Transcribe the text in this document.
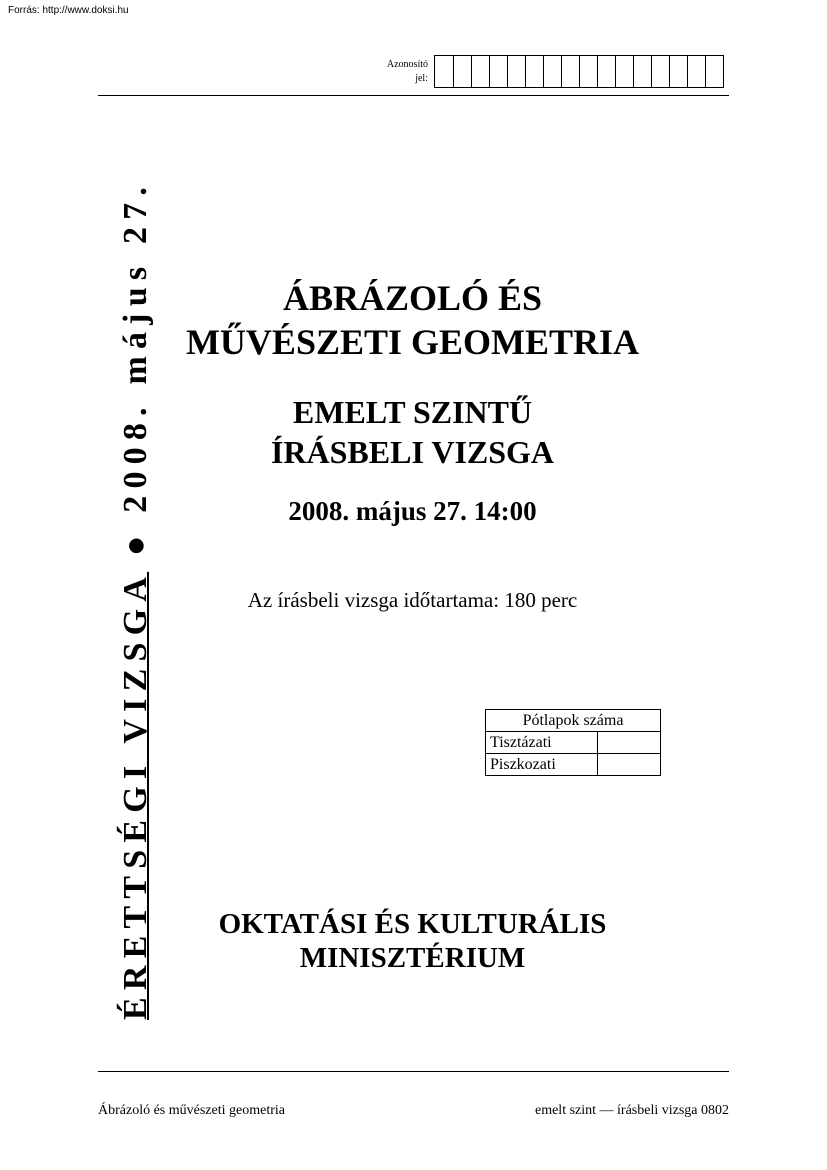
Forrás: http://www.doksi.hu
Azonosító
jel:
ÉRETTSÉGI VIZSGA ● 2008. május 27.	ÁBRÁZOLÓ ÉS
MŰVÉSZETI GEOMETRIA
EMELT SZINTŰ
ÍRÁSBELI VIZSGA
2008. május 27. 14:00
Az írásbeli vizsga időtartama: 180 perc
Pótlapok száma	
Tisztázati	
Piszkozati	
OKTATÁSI ÉS KULTURÁLIS
MINISZTÉRIUM
Ábrázoló és művészeti geometria	emelt szint — írásbeli vizsga 0802
